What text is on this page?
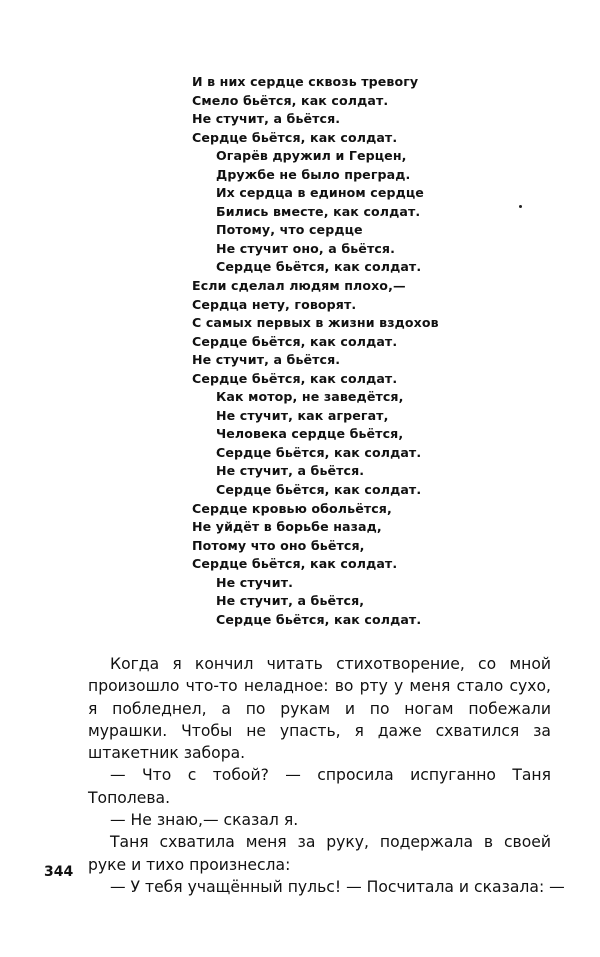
И в них сердце сквозь тревогу
Смело бьётся, как солдат.
Не стучит, а бьётся.
Сердце бьётся, как солдат.
Огарёв дружил и Герцен,
Дружбе не было преград.
Их сердца в едином сердце
Бились вместе, как солдат.
Потому, что сердце
Не стучит оно, а бьётся.
Сердце бьётся, как солдат.
Если сделал людям плохо,—
Сердца нету, говорят.
С самых первых в жизни вздохов
Сердце бьётся, как солдат.
Не стучит, а бьётся.
Сердце бьётся, как солдат.
Как мотор, не заведётся,
Не стучит, как агрегат,
Человека сердце бьётся,
Сердце бьётся, как солдат.
Не стучит, а бьётся.
Сердце бьётся, как солдат.
Сердце кровью обольётся,
Не уйдёт в борьбе назад,
Потому что оно бьётся,
Сердце бьётся, как солдат.
Не стучит.
Не стучит, а бьётся,
Сердце бьётся, как солдат.

Когда я кончил читать стихотворение, со мной произошло что-то неладное: во рту у меня стало сухо, я побледнел, а по рукам и по ногам побежали мурашки. Чтобы не упасть, я даже схватился за штакетник забора.

— Что с тобой? — спросила испуганно Таня Тополева.

— Не знаю,— сказал я.

Таня схватила меня за руку, подержала в своей руке и тихо произнесла:

— У тебя учащённый пульс! — Посчитала и сказала: —

344
